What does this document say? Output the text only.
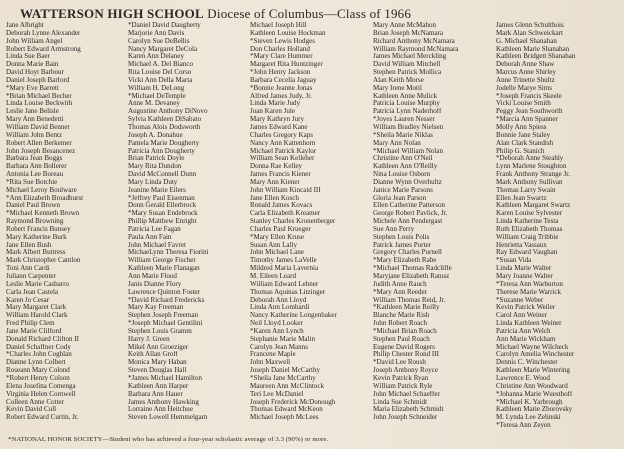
WATTERSON HIGH SCHOOL Diocese of Columbus—Class of 1966
Jane Albright
Deborah Lynne Alexander
John William Angel
Robert Edward Armstrong
Linda Sue Baer
Donna Marie Bain
David Hoyt Barbour
Daniel Joseph Barford
*Mary Eve Barrett
*Brian Michael Becher
Linda Louise Beckwith
Leslie Jane Belisle
Mary Ann Benedetti
William David Bennet
William John Bentz
Robert Allen Berkemer
John Joseph Besancenez
Barbara Jean Boggs
Barbara Ann Bollerer
Antonia Lee Boreau
*Rita Sue Botchie
Michael Leroy Boulware
*Ann Elizabeth Broadhurst
Daniel Paul Brown
*Michael Kenneth Brown
Raymond Browning
Robert Francis Bunsey
Mary Katherine Burk
Jane Ellen Bush
Mark Albert Buttress
Mark Christopher Cantlon
Toni Ann Cardi
Juliann Carpenter
Leslie Marie Casbarro
Carla Jean Castela
Karen Jo Cesar
Mary Margaret Clark
William Harold Clark
Fred Philip Clem
Jane Marie Clifford
Donald Richard Clifton II
Daniel Schaffner Cody
*Charles John Coghlan
Dianne Lynn Colbert
Roseann Mary Colond
*Robert Henry Colson
Elena Josefina Comenga
Virginia Helen Cornwell
Colleen Anne Cotter
Kevin David Cull
Robert Edward Curtin, Jr.
*Daniel David Daugherty
Marjorie Ann Davis
Carolyn Sue DeBellis
Nancy Margaret DeCola
Karen Ann Delaney
Michael A. Del Bianco
Rita Louise Del Corso
Vicki Ann Della Marta
William H. DeLong
*Michael DeTemple
Anne M. Devaney
Augustine Anthony DiNovo
Sylvia Kathleen DiSabato
Thomas Alois Dodsworth
Joseph A. Donahue
Pamela Marie Dougherty
Patricia Ann Dougherty
Brian Patrick Doyle
Mary Rita Dundon
David McConnell Dunn
Mary Linda Duty
Jeanine Marie Eilers
*Jeffrey Paul Eisenman
Donn Gerald Ellerbrock
*Mary Susan Endebrock
Phillip Matthew Enright
Patricia Lee Fagan
Paula Ann Fain
John Michael Favret
MichaeLynn Theresa Fiorini
William George Fischer
Kathleen Marie Flanagan
Ann Marie Flood
Janis Dianne Flory
Lawrence Quinton Foster
*David Richard Fredericks
Mary Kay Freeman
Stephen Joseph Freeman
*Joseph Michael Gentilini
Stephen Louis Gramm
Harry J. Green
Mikel Ann Groeziger
Keith Allan Groff
Monica Mary Haban
Steven Douglas Hall
*James Michael Hamilton
Kathleen Ann Harper
Barbara Ann Hauer
James Anthony Hawking
Lorraine Ann Heitchue
Steven Lowell Hemmelgarn
Michael Joseph Hill
Kathleen Louise Hockman
*Steven Lewis Hodges
Don Charles Holland
*Mary Clare Hummer
Margaret Rita Huntzinger
*John Henry Jackson
Barbara Cecelia Jaguay
*Bonnie Jeanne Jonas
Alfred James Judy, Jr.
Linda Marie Judy
Joan Karen Jule
Mary Kathryn Jury
James Edward Kane
Charles Gregory Kaps
Nancy Ann Kattenhorn
Michael Patrick Kaylor
William Sean Kelleher
Donna Rae Kelley
James Francis Kiener
Mary Ann Kiener
John William Kincaid III
Jane Ellen Kosch
Ronald James Kovacs
Carla Elizabeth Kreamer
Stanley Charles Kronenberger
Charles Paul Krueger
*Mary Ellen Kruse
Susan Ann Lally
John Michael Lane
Timothy James LaVelle
Mildred Maria Lavernia
M. Eileen Leard
William Edward Lehner
Thomas Aquinas Litzinger
Deborah Ann Lloyd
Linda Ann Lombardi
Nancy Katherine Longenbaker
Neil Lloyd Looker
*Karen Ann Lynch
Stephanie Marie Malin
Carolyn Jean Manns
Francene Maple
John Maxwell
Joseph Daniel McCarthy
*Sheila Jane McCarthy
Maureen Ann McClintock
Teri Lee McDaniel
Joseph Frederick McDonough
Thomas Edward McKeon
Michael Joseph McLees
Mary Anne McMahon
Brian Joseph McNamara
Richard Anthony McNamara
William Raymond McNamara
James Michael Merckling
David William Mitchell
Stephen Patrick Mollica
Alan Keith Morse
Mary Irene Motil
Kathleen Anne Mulick
Patricia Louise Murphy
Patricia Lynn Naderhoff
*Joyes Lauren Nesser
William Bradley Nielsen
*Sheila Marie Niklas
Mary Ann Nolan
*Michael William Nolan
Christine Ann O'Neil
Kathleen Ann O'Reilly
Nina Louise Osborn
Dianne Wynn Overhultz
Janice Marie Parsons
Gloria Jean Parson
Ellen Catherine Patterson
George Robert Pavlick, Jr.
Michele Ann Pendergast
Sue Ann Perry
Stephen Louis Polis
Patrick James Porter
Gregory Charles Purnell
*Mary Elizabeth Rabe
*Michael Thomas Radcliffe
Maryjane Elizabeth Ratusz
Judith Anne Rauch
*Mary Ann Reeder
William Thomas Reid, Jr.
*Kathleen Marie Reilly
Blanche Marie Rish
John Robert Roach
*Michael Brian Roach
Stephen Paul Roach
Eugene David Rogers
Philip Chester Rond III
*David Lee Roush
Joseph Anthony Royce
Kevin Patrick Ryan
William Patrick Ryle
John Michael Schaeffer
Linda Sue Schmidt
Maria Elizabeth Schmidt
John Joseph Schneider
James Glenn Schulthois
Mark Alan Schweickart
G. Michael Shanahan
Kathleen Marie Shanahan
Kathleen Bridgett Shanahan
Deborah Anne Shaw
Marcus Anne Shirley
Anne Trinette Shultz
Jodelle Marye Sims
*Joseph Francis Skeele
Vicki Louise Smith
Peggy Jean Southworth
*Marcia Ann Spanner
Molly Ann Spiess
Bonnie Jane Staley
Alan Clark Standish
Philip G. Stanich
*Deborah Anne Steahly
Lynn Marlene Stoughton
Frank Anthony Strange Jr.
Mark Anthony Sullivan
Thomas Larry Swain
Ellen Jean Swartz
Kathleen Margaret Swartz
Karen Louise Sylvester
Linda Katherine Testa
Ruth Elizabeth Thomas
William Craig Tribbie
Henrietta Vassaux
Ray Edward Vaughan
*Susan Vida
Linda Marie Walter
Mary Joanne Walter
*Teresa Ann Warburton
Therese Marie Warrick
*Suzanne Weber
Kevin Patrick Weiler
Carol Ann Weiner
Linda Kathleen Weiner
Patricia Ann Welch
Ann Marie Wickham
Michael Wayne Wilcheck
Carolyn Amelia Winchester
Dennis C. Winchester
Kathleen Marie Wintering
Lawrence E. Wood
Christine Ann Woodward
*Johanna Marie Wuesthoff
*Michael K. Yarbrough
Kathleen Marie Zborovsky
M. Lynda Lee Zelinski
*Teresa Ann Zeyen
*NATIONAL HONOR SOCIETY—Student who has achieved a four-year scholastic average of 3.3 (90%) or more.
